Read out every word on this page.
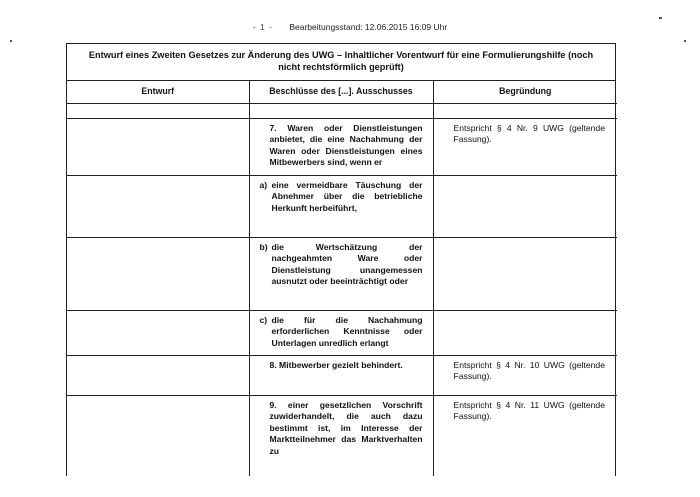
- 1 - Bearbeitungsstand: 12.06.2015 16:09 Uhr
Entwurf eines Zweiten Gesetzes zur Änderung des UWG – Inhaltlicher Vorentwurf für eine Formulierungshilfe (noch nicht rechtsförmlich geprüft)
Entwurf	Beschlüsse des [...]. Ausschusses	Begründung

	7. Waren oder Dienstleistungen anbietet, die eine Nachahmung der Waren oder Dienstleistungen eines Mitbewerbers sind, wenn er	Entspricht § 4 Nr. 9 UWG (geltende Fassung).

	a) eine vermeidbare Täuschung der Abnehmer über die betriebliche Herkunft herbeiführt,	

	b) die Wertschätzung der nachgeahmten Ware oder Dienstleistung unangemessen ausnutzt oder beeinträchtigt oder	

	c) die für die Nachahmung erforderlichen Kenntnisse oder Unterlagen unredlich erlangt	

	8. Mitbewerber gezielt behindert.	Entspricht § 4 Nr. 10 UWG (geltende Fassung).

	9. einer gesetzlichen Vorschrift zuwiderhandelt, die auch dazu bestimmt ist, im Interesse der Marktteilnehmer das Marktverhalten zu	Entspricht § 4 Nr. 11 UWG (geltende Fassung).
